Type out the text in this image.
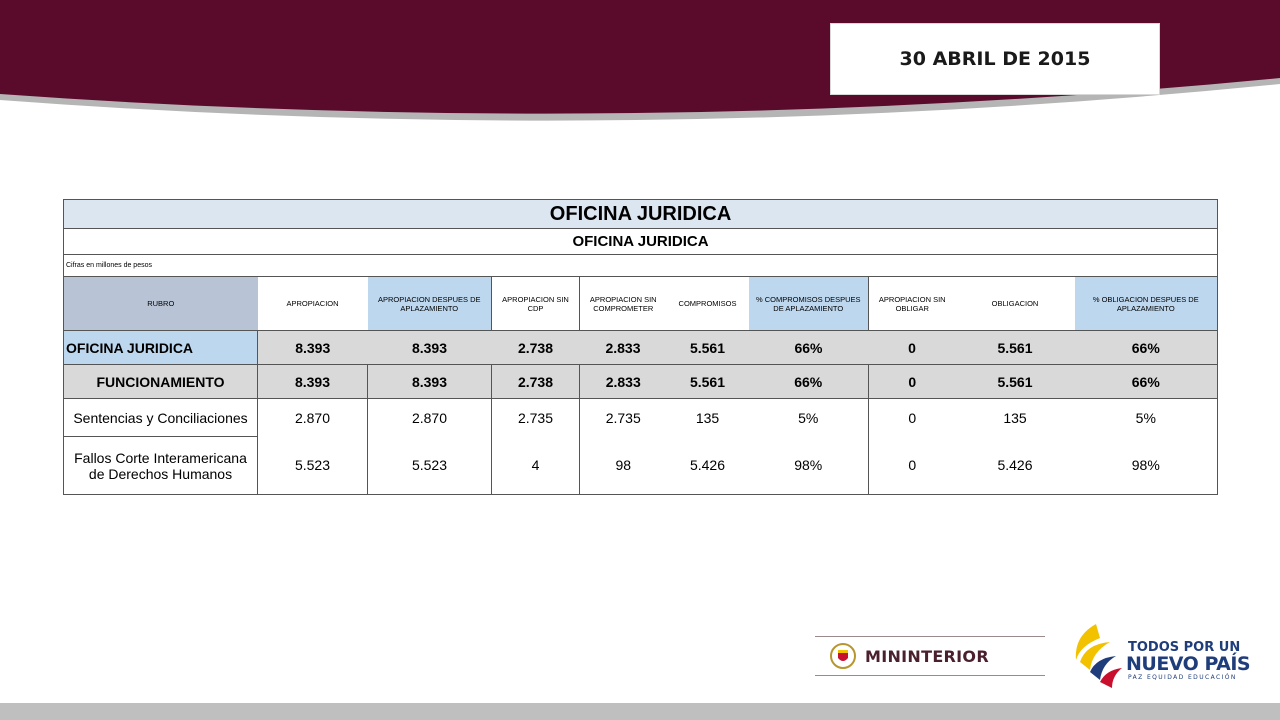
30 ABRIL DE 2015
OFICINA JURIDICA									
OFICINA JURIDICA									
Cifras en millones de pesos									
RUBRO	APROPIACION	APROPIACION DESPUES DE APLAZAMIENTO	APROPIACION SIN CDP	APROPIACION SIN COMPROMETER	COMPROMISOS	% COMPROMISOS DESPUES DE APLAZAMIENTO	APROPIACION SIN OBLIGAR	OBLIGACION	% OBLIGACION DESPUES DE APLAZAMIENTO
OFICINA JURIDICA	8.393	8.393	2.738	2.833	5.561	66%	0	5.561	66%
FUNCIONAMIENTO	8.393	8.393	2.738	2.833	5.561	66%	0	5.561	66%
Sentencias y Conciliaciones	2.870	2.870	2.735	2.735	135	5%	0	135	5%
Fallos Corte Interamericana de Derechos Humanos	5.523	5.523	4	98	5.426	98%	0	5.426	98%
MININTERIOR	TODOS POR UN
NUEVO PAÍS
PAZ EQUIDAD EDUCACIÓN
